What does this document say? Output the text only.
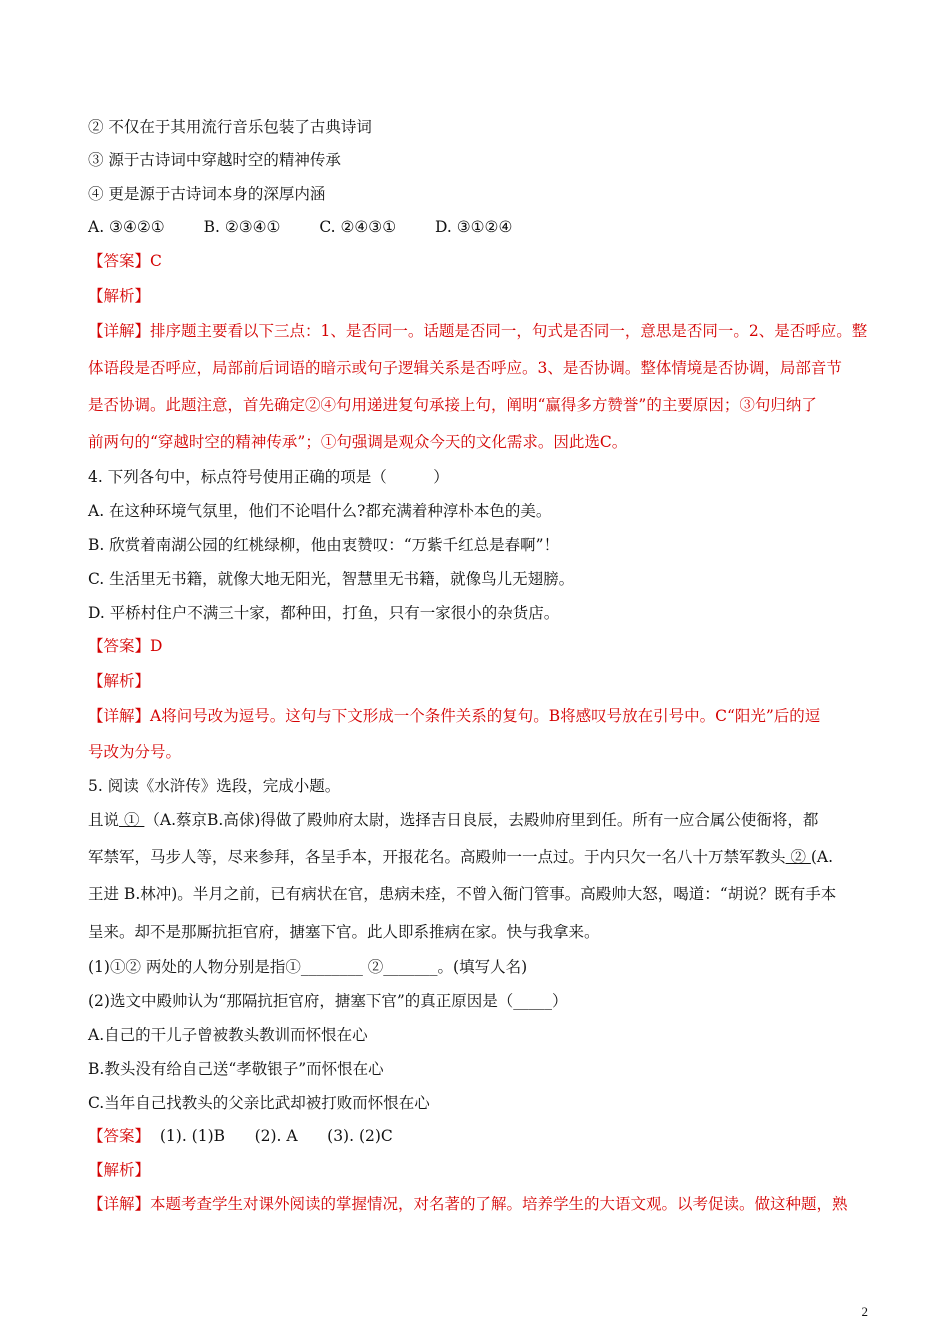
② 不仅在于其用流行音乐包装了古典诗词
③ 源于古诗词中穿越时空的精神传承
④ 更是源于古诗词本身的深厚内涵
A. ③④②①	B. ②③④①	C. ②④③①	D. ③①②④
【答案】C
【解析】
【详解】排序题主要看以下三点：1、是否同一。话题是否同一，句式是否同一，意思是否同一。2、是否呼应。整
体语段是否呼应，局部前后词语的暗示或句子逻辑关系是否呼应。3、是否协调。整体情境是否协调，局部音节
是否协调。此题注意，首先确定②④句用递进复句承接上句，阐明“赢得多方赞誉”的主要原因；③句归纳了
前两句的“穿越时空的精神传承”；①句强调是观众今天的文化需求。因此选C。
4. 下列各句中，标点符号使用正确的项是（　　　）
A. 在这种环境气氛里，他们不论唱什么?都充满着种淳朴本色的美。
B. 欣赏着南湖公园的红桃绿柳，他由衷赞叹：“万紫千红总是春啊”！
C. 生活里无书籍，就像大地无阳光，智慧里无书籍，就像鸟儿无翅膀。
D. 平桥村住户不满三十家，都种田，打鱼，只有一家很小的杂货店。
【答案】D
【解析】
【详解】A将问号改为逗号。这句与下文形成一个条件关系的复句。B将感叹号放在引号中。C“阳光”后的逗
号改为分号。
5. 阅读《水浒传》选段，完成小题。
且说 ① （A.蔡京B.高俅)得做了殿帅府太尉，选择吉日良辰，去殿帅府里到任。所有一应合属公使衙将，都
军禁军，马步人等，尽来参拜，各呈手本，开报花名。高殿帅一一点过。于内只欠一名八十万禁军教头 ② (A.
王进 B.林冲)。半月之前，已有病状在官，患病未痊，不曾入衙门管事。高殿帅大怒，喝道：“胡说？既有手本
呈来。却不是那厮抗拒官府，搪塞下官。此人即系推病在家。快与我拿来。
(1)①② 两处的人物分别是指①________ ②_______。(填写人名)
(2)选文中殿帅认为“那隔抗拒官府，搪塞下官”的真正原因是（_____）
A.自己的干儿子曾被教头教训而怀恨在心
B.教头没有给自己送“孝敬银子”而怀恨在心
C.当年自己找教头的父亲比武却被打败而怀恨在心
【答案】  (1). (1)B      (2). A      (3). (2)C
【解析】
【详解】本题考查学生对课外阅读的掌握情况，对名著的了解。培养学生的大语文观。以考促读。做这种题，熟
2
